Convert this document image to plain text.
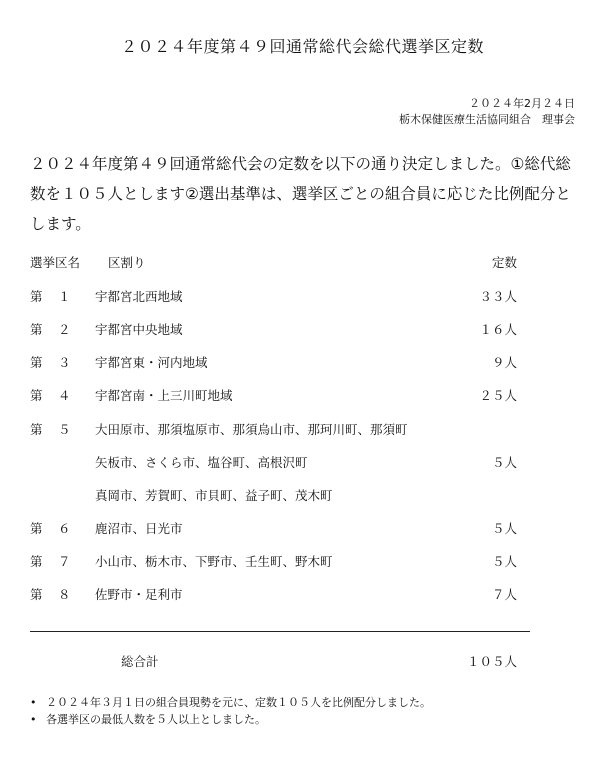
２０２４年度第４９回通常総代会総代選挙区定数
２０２４年2月２４日
栃木保健医療生活協同組合　理事会
２０２４年度第４９回通常総代会の定数を以下の通り決定しました。①総代総数を１０５人とします②選出基準は、選挙区ごとの組合員に応じた比例配分とします。
選挙区名 区割り	定数
第 １ 宇都宮北西地域	３３人
第 ２ 宇都宮中央地域	１６人
第 ３ 宇都宮東・河内地域	９人
第 ４ 宇都宮南・上三川町地域	２５人
第 ５ 大田原市、那須塩原市、那須烏山市、那珂川町、那須町
矢板市、さくら市、塩谷町、高根沢町	５人
真岡市、芳賀町、市貝町、益子町、茂木町
第 ６ 鹿沼市、日光市	５人
第 ７ 小山市、栃木市、下野市、壬生町、野木町	５人
第 ８ 佐野市・足利市	７人
総合計	１０５人
• ２０２４年３月１日の組合員現勢を元に、定数１０５人を比例配分しました。
• 各選挙区の最低人数を５人以上としました。
